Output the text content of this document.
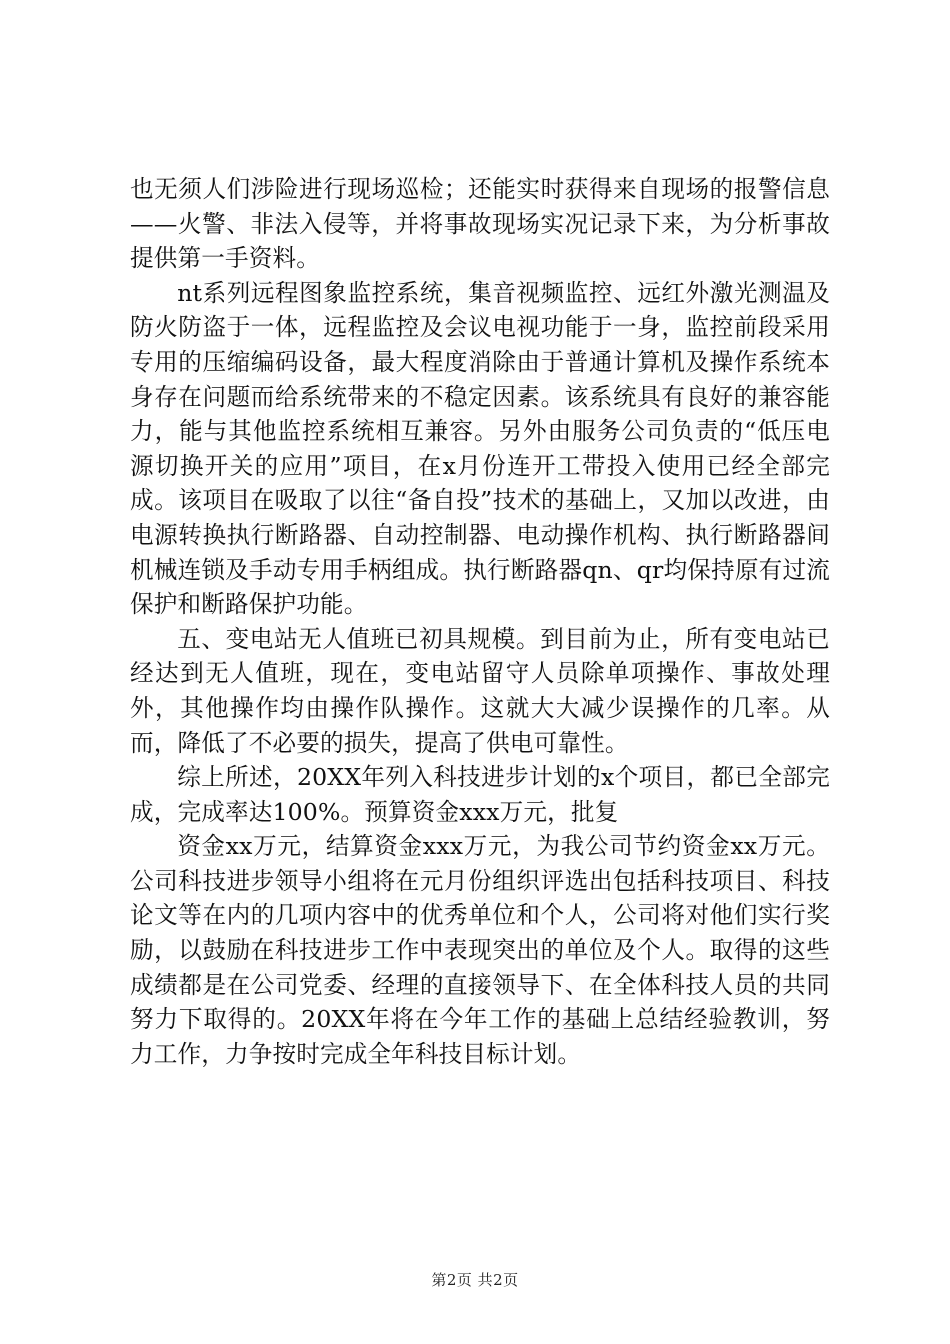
也无须人们涉险进行现场巡检；还能实时获得来自现场的报警信息——火警、非法入侵等，并将事故现场实况记录下来，为分析事故提供第一手资料。

nt系列远程图象监控系统，集音视频监控、远红外激光测温及防火防盗于一体，远程监控及会议电视功能于一身，监控前段采用专用的压缩编码设备，最大程度消除由于普通计算机及操作系统本身存在问题而给系统带来的不稳定因素。该系统具有良好的兼容能力，能与其他监控系统相互兼容。另外由服务公司负责的“低压电源切换开关的应用”项目，在x月份连开工带投入使用已经全部完成。该项目在吸取了以往“备自投”技术的基础上，又加以改进，由电源转换执行断路器、自动控制器、电动操作机构、执行断路器间机械连锁及手动专用手柄组成。执行断路器qn、qr均保持原有过流保护和断路保护功能。

五、变电站无人值班已初具规模。到目前为止，所有变电站已经达到无人值班，现在，变电站留守人员除单项操作、事故处理外，其他操作均由操作队操作。这就大大减少误操作的几率。从而，降低了不必要的损失，提高了供电可靠性。

综上所述，20XX年列入科技进步计划的x个项目，都已全部完成，完成率达100%。预算资金xxx万元，批复

资金xx万元，结算资金xxx万元，为我公司节约资金xx万元。公司科技进步领导小组将在元月份组织评选出包括科技项目、科技论文等在内的几项内容中的优秀单位和个人，公司将对他们实行奖励，以鼓励在科技进步工作中表现突出的单位及个人。取得的这些成绩都是在公司党委、经理的直接领导下、在全体科技人员的共同努力下取得的。20XX年将在今年工作的基础上总结经验教训，努力工作，力争按时完成全年科技目标计划。

第2页 共2页
